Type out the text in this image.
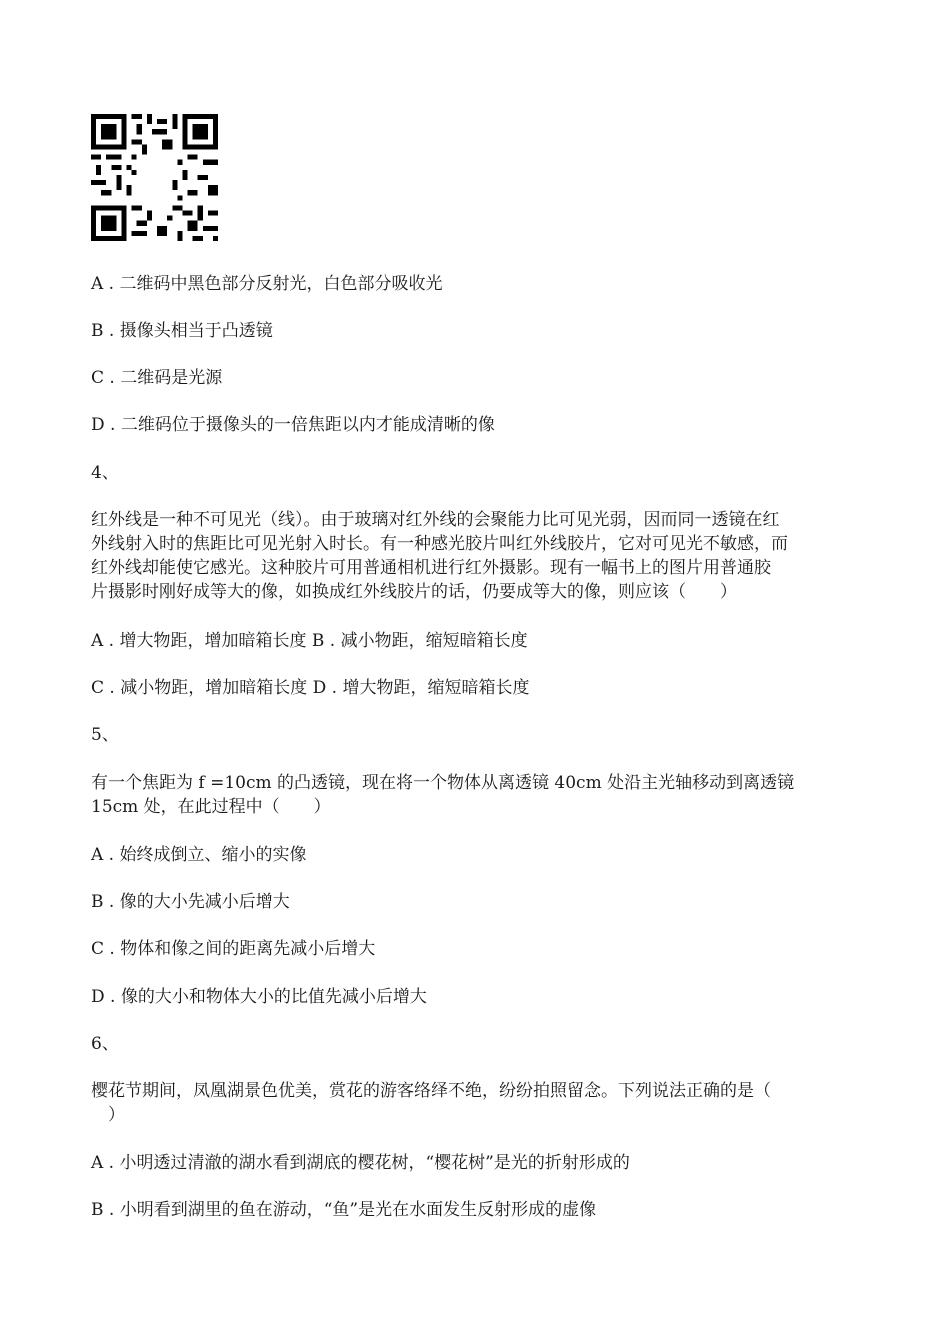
A . 二维码中黑色部分反射光，白色部分吸收光
B . 摄像头相当于凸透镜
C . 二维码是光源
D . 二维码位于摄像头的一倍焦距以内才能成清晰的像
4、
红外线是一种不可见光（线）。由于玻璃对红外线的会聚能力比可见光弱，因而同一透镜在红
外线射入时的焦距比可见光射入时长。有一种感光胶片叫红外线胶片，它对可见光不敏感，而
红外线却能使它感光。这种胶片可用普通相机进行红外摄影。现有一幅书上的图片用普通胶
片摄影时刚好成等大的像，如换成红外线胶片的话，仍要成等大的像，则应该（　　）
A . 增大物距，增加暗箱长度 B . 减小物距，缩短暗箱长度
C . 减小物距，增加暗箱长度 D . 增大物距，缩短暗箱长度
5、
有一个焦距为 f =10cm 的凸透镜，现在将一个物体从离透镜 40cm 处沿主光轴移动到离透镜
15cm 处，在此过程中（　　）
A . 始终成倒立、缩小的实像
B . 像的大小先减小后增大
C . 物体和像之间的距离先减小后增大
D . 像的大小和物体大小的比值先减小后增大
6、
樱花节期间，凤凰湖景色优美，赏花的游客络绎不绝，纷纷拍照留念。下列说法正确的是（
　）
A . 小明透过清澈的湖水看到湖底的樱花树，“樱花树”是光的折射形成的
B . 小明看到湖里的鱼在游动，“鱼”是光在水面发生反射形成的虚像
